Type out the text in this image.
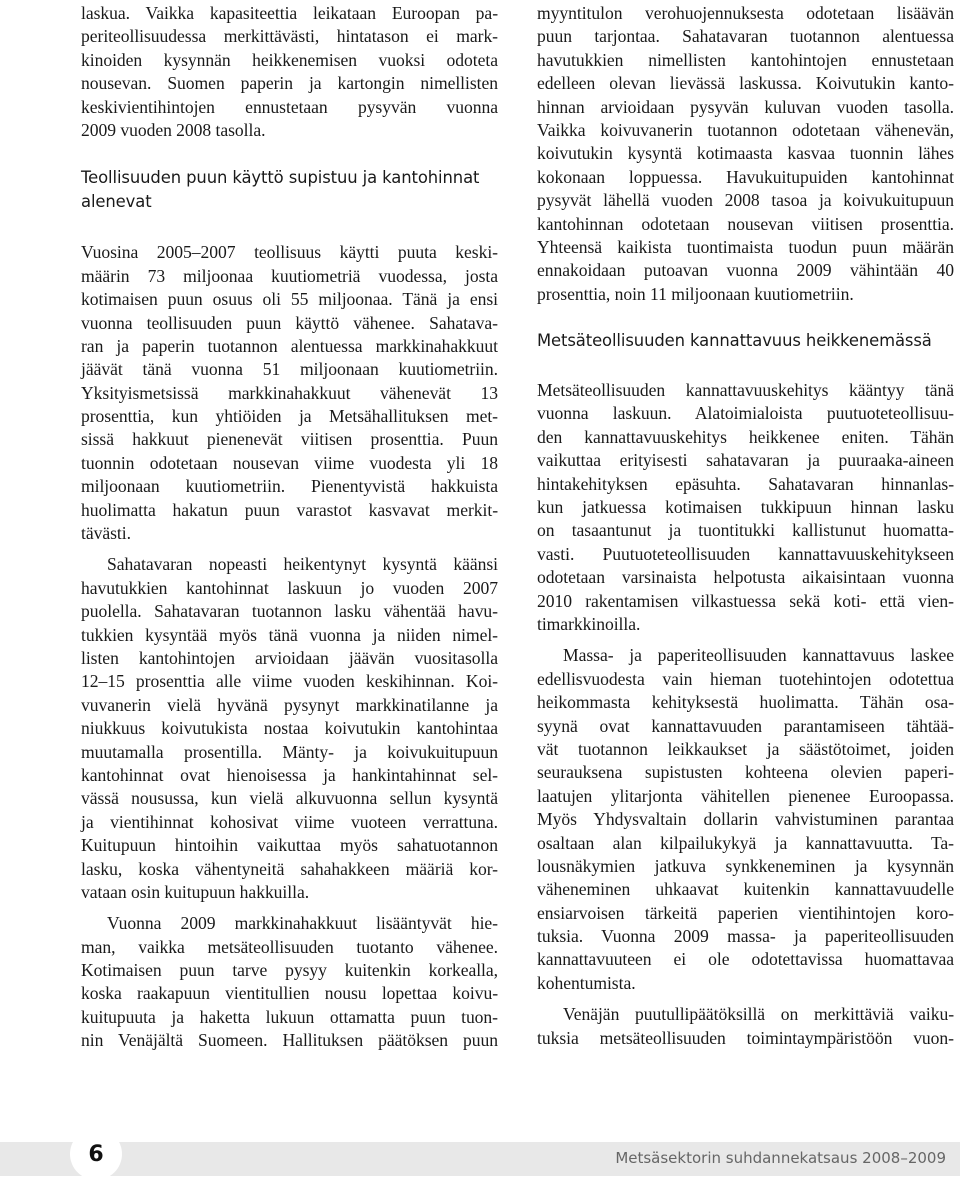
laskua. Vaikka kapasiteettia leikataan Euroopan pa-
periteollisuudessa merkittävästi, hintatason ei mark-
kinoiden kysynnän heikkenemisen vuoksi odoteta
nousevan. Suomen paperin ja kartongin nimellisten
keskivientihintojen ennustetaan pysyvän vuonna
2009 vuoden 2008 tasolla.
Teollisuuden puun käyttö supistuu ja kantohinnat
alenevat
Vuosina 2005–2007 teollisuus käytti puuta keski-
määrin 73 miljoonaa kuutiometriä vuodessa, josta
kotimaisen puun osuus oli 55 miljoonaa. Tänä ja ensi
vuonna teollisuuden puun käyttö vähenee. Sahatava-
ran ja paperin tuotannon alentuessa markkinahakkuut
jäävät tänä vuonna 51 miljoonaan kuutiometriin.
Yksityismetsissä markkinahakkuut vähenevät 13
prosenttia, kun yhtiöiden ja Metsähallituksen met-
sissä hakkuut pienenevät viitisen prosenttia. Puun
tuonnin odotetaan nousevan viime vuodesta yli 18
miljoonaan kuutiometriin. Pienentyvistä hakkuista
huolimatta hakatun puun varastot kasvavat merkit-
tävästi.
Sahatavaran nopeasti heikentynyt kysyntä käänsi
havutukkien kantohinnat laskuun jo vuoden 2007
puolella. Sahatavaran tuotannon lasku vähentää havu-
tukkien kysyntää myös tänä vuonna ja niiden nimel-
listen kantohintojen arvioidaan jäävän vuositasolla
12–15 prosenttia alle viime vuoden keskihinnan. Koi-
vuvanerin vielä hyvänä pysynyt markkinatilanne ja
niukkuus koivutukista nostaa koivutukin kantohintaa
muutamalla prosentilla. Mänty- ja koivukuitupuun
kantohinnat ovat hienoisessa ja hankintahinnat sel-
vässä nousussa, kun vielä alkuvuonna sellun kysyntä
ja vientihinnat kohosivat viime vuoteen verrattuna.
Kuitupuun hintoihin vaikuttaa myös sahatuotannon
lasku, koska vähentyneitä sahahakkeen määriä kor-
vataan osin kuitupuun hakkuilla.
Vuonna 2009 markkinahakkuut lisääntyvät hie-
man, vaikka metsäteollisuuden tuotanto vähenee.
Kotimaisen puun tarve pysyy kuitenkin korkealla,
koska raakapuun vientitullien nousu lopettaa koivu-
kuitupuuta ja haketta lukuun ottamatta puun tuon-
nin Venäjältä Suomeen. Hallituksen päätöksen puun
myyntitulon verohuojennuksesta odotetaan lisäävän
puun tarjontaa. Sahatavaran tuotannon alentuessa
havutukkien nimellisten kantohintojen ennustetaan
edelleen olevan lievässä laskussa. Koivutukin kanto-
hinnan arvioidaan pysyvän kuluvan vuoden tasolla.
Vaikka koivuvanerin tuotannon odotetaan vähenevän,
koivutukin kysyntä kotimaasta kasvaa tuonnin lähes
kokonaan loppuessa. Havukuitupuiden kantohinnat
pysyvät lähellä vuoden 2008 tasoa ja koivukuitupuun
kantohinnan odotetaan nousevan viitisen prosenttia.
Yhteensä kaikista tuontimaista tuodun puun määrän
ennakoidaan putoavan vuonna 2009 vähintään 40
prosenttia, noin 11 miljoonaan kuutiometriin.
Metsäteollisuuden kannattavuus heikkenemässä
Metsäteollisuuden kannattavuuskehitys kääntyy tänä
vuonna laskuun. Alatoimialoista puutuoteteollisuu-
den kannattavuuskehitys heikkenee eniten. Tähän
vaikuttaa erityisesti sahatavaran ja puuraaka-aineen
hintakehityksen epäsuhta. Sahatavaran hinnanlas-
kun jatkuessa kotimaisen tukkipuun hinnan lasku
on tasaantunut ja tuontitukki kallistunut huomatta-
vasti. Puutuoteteollisuuden kannattavuuskehitykseen
odotetaan varsinaista helpotusta aikaisintaan vuonna
2010 rakentamisen vilkastuessa sekä koti- että vien-
timarkkinoilla.
Massa- ja paperiteollisuuden kannattavuus laskee
edellisvuodesta vain hieman tuotehintojen odotettua
heikommasta kehityksestä huolimatta. Tähän osa-
syynä ovat kannattavuuden parantamiseen tähtää-
vät tuotannon leikkaukset ja säästötoimet, joiden
seurauksena supistusten kohteena olevien paperi-
laatujen ylitarjonta vähitellen pienenee Euroopassa.
Myös Yhdysvaltain dollarin vahvistuminen parantaa
osaltaan alan kilpailukykyä ja kannattavuutta. Ta-
lousnäkymien jatkuva synkkeneminen ja kysynnän
väheneminen uhkaavat kuitenkin kannattavuudelle
ensiarvoisen tärkeitä paperien vientihintojen koro-
tuksia. Vuonna 2009 massa- ja paperiteollisuuden
kannattavuuteen ei ole odotettavissa huomattavaa
kohentumista.
Venäjän puutullipäätöksillä on merkittäviä vaiku-
tuksia metsäteollisuuden toimintaympäristöön vuon-
6	Metsäsektorin suhdannekatsaus 2008–2009
